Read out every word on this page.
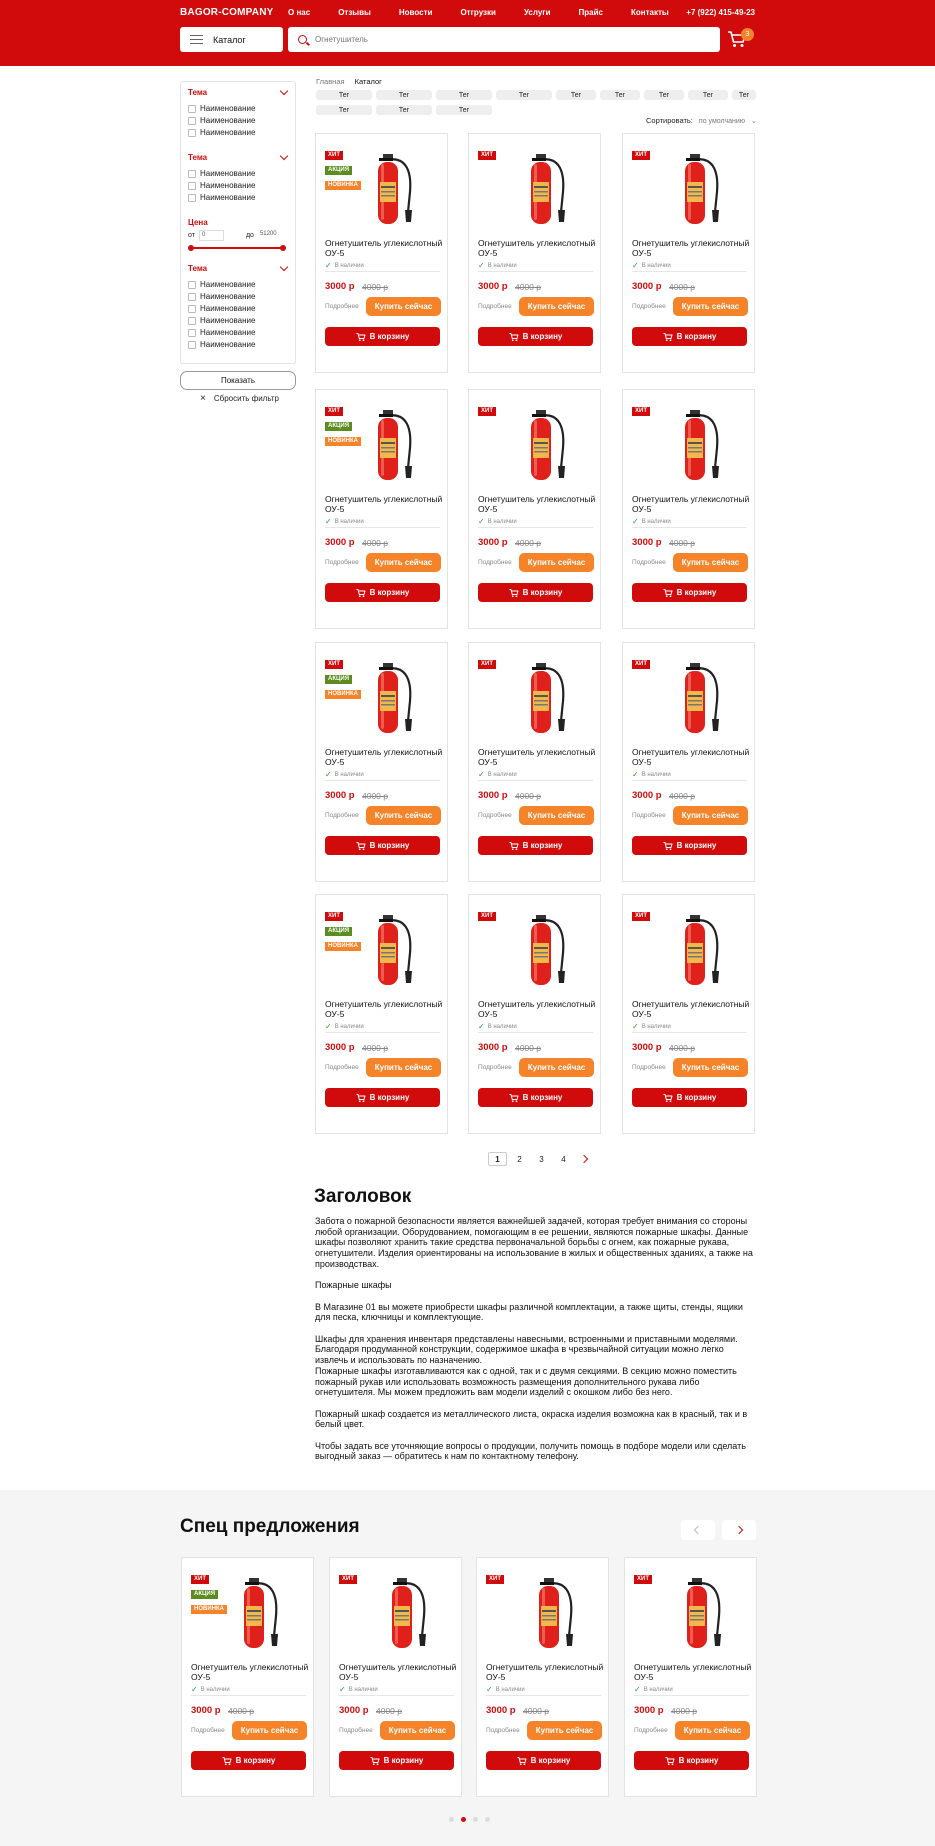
BAGOR-COMPANY О нас	Отзывы	Новости	Отгрузки	Услуги	Прайс	Контакты +7 (922) 415-49-23
Каталог
Огнетушитель	3
Тема
Наименование
Наименование
Наименование
Тема
Наименование
Наименование
Наименование
Цена
от	0	до	51200
Тема
Наименование
Наименование
Наименование
Наименование
Наименование
Наименование
Показать
× Сбросить фильтр
Главная Каталог
Тег	Тег	Тег	Тег	Тег	Тег	Тег	Тег	Тег
Тег	Тег	Тег
Сортировать: по умолчанию ⌄
ХИТ
АКЦИЯ
НОВИНКА
Огнетушитель углекислотный ОУ-5
✓ В наличии
3000 р 4000 р
Подробнее	Купить сейчас
В корзину
ХИТ
Огнетушитель углекислотный ОУ-5
✓ В наличии
3000 р 4000 р
Подробнее	Купить сейчас
В корзину
ХИТ
Огнетушитель углекислотный ОУ-5
✓ В наличии
3000 р 4000 р
Подробнее	Купить сейчас
В корзину
ХИТ
АКЦИЯ
НОВИНКА
Огнетушитель углекислотный ОУ-5
✓ В наличии
3000 р 4000 р
Подробнее	Купить сейчас
В корзину
ХИТ
Огнетушитель углекислотный ОУ-5
✓ В наличии
3000 р 4000 р
Подробнее	Купить сейчас
В корзину
ХИТ
Огнетушитель углекислотный ОУ-5
✓ В наличии
3000 р 4000 р
Подробнее	Купить сейчас
В корзину
ХИТ
АКЦИЯ
НОВИНКА
Огнетушитель углекислотный ОУ-5
✓ В наличии
3000 р 4000 р
Подробнее	Купить сейчас
В корзину
ХИТ
Огнетушитель углекислотный ОУ-5
✓ В наличии
3000 р 4000 р
Подробнее	Купить сейчас
В корзину
ХИТ
Огнетушитель углекислотный ОУ-5
✓ В наличии
3000 р 4000 р
Подробнее	Купить сейчас
В корзину
ХИТ
АКЦИЯ
НОВИНКА
Огнетушитель углекислотный ОУ-5
✓ В наличии
3000 р 4000 р
Подробнее	Купить сейчас
В корзину
ХИТ
Огнетушитель углекислотный ОУ-5
✓ В наличии
3000 р 4000 р
Подробнее	Купить сейчас
В корзину
ХИТ
Огнетушитель углекислотный ОУ-5
✓ В наличии
3000 р 4000 р
Подробнее	Купить сейчас
В корзину
1	2	3	4
Заголовок

Забота о пожарной безопасности является важнейшей задачей, которая требует внимания со стороны любой организации. Оборудованием, помогающим в ее решении, являются пожарные шкафы. Данные шкафы позволяют хранить такие средства первоначальной борьбы с огнем, как пожарные рукава, огнетушители. Изделия ориентированы на использование в жилых и общественных зданиях, а также на производствах.

Пожарные шкафы

В Магазине 01 вы можете приобрести шкафы различной комплектации, а также щиты, стенды, ящики для песка, ключницы и комплектующие.

Шкафы для хранения инвентаря представлены навесными, встроенными и приставными моделями. Благодаря продуманной конструкции, содержимое шкафа в чрезвычайной ситуации можно легко извлечь и использовать по назначению.
Пожарные шкафы изготавливаются как с одной, так и с двумя секциями. В секцию можно поместить пожарный рукав или использовать возможность размещения дополнительного рукава либо огнетушителя. Мы можем предложить вам модели изделий с окошком либо без него.

Пожарный шкаф создается из металлического листа, окраска изделия возможна как в красный, так и в белый цвет.

Чтобы задать все уточняющие вопросы о продукции, получить помощь в подборе модели или сделать выгодный заказ — обратитесь к нам по контактному телефону.

Спец предложения
ХИТ
АКЦИЯ
НОВИНКА
Огнетушитель углекислотный ОУ-5
✓ В наличии
3000 р 4000 р
Подробнее	Купить сейчас
В корзину
ХИТ
Огнетушитель углекислотный ОУ-5
✓ В наличии
3000 р 4000 р
Подробнее	Купить сейчас
В корзину
ХИТ
Огнетушитель углекислотный ОУ-5
✓ В наличии
3000 р 4000 р
Подробнее	Купить сейчас
В корзину
ХИТ
Огнетушитель углекислотный ОУ-5
✓ В наличии
3000 р 4000 р
Подробнее	Купить сейчас
В корзину
